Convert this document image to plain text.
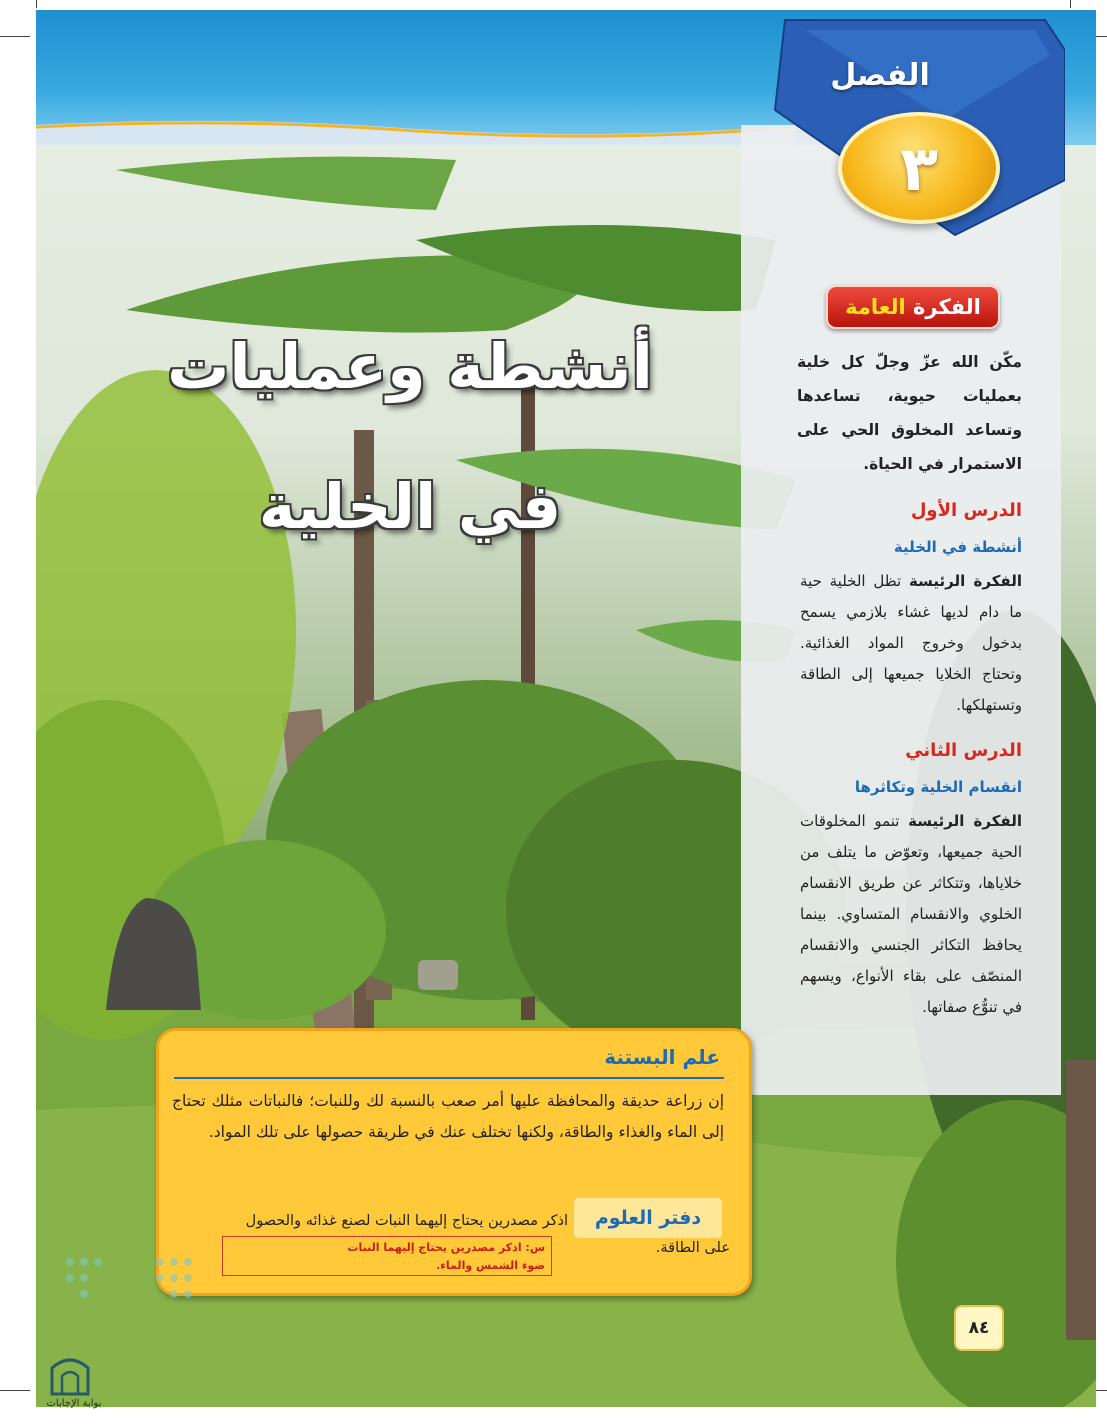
الفصل
٣
أنشطة وعمليات
في الخلية
الفكرة

العامة
مكّن الله عزّ وجلّ كل خلية بعمليات حيوية، تساعدها وتساعد المخلوق الحي على الاستمرار في الحياة.
الدرس الأول
أنشطة في الخلية
الفكرة الرئيسة تظل الخلية حية ما دام لديها غشاء بلازمي يسمح بدخول وخروج المواد الغذائية. وتحتاج الخلايا جميعها إلى الطاقة وتستهلكها.
الدرس الثاني
انقسام الخلية وتكاثرها
الفكرة الرئيسة تنمو المخلوقات الحية جميعها، وتعوّض ما يتلف من خلاياها، وتتكاثر عن طريق الانقسام الخلوي والانقسام المتساوي. بينما يحافظ التكاثر الجنسي والانقسام المنصّف على بقاء الأنواع، ويسهم في تنوُّع صفاتها.
علم البستنة
إن زراعة حديقة والمحافظة عليها أمر صعب بالنسبة لك وللنبات؛ فالنباتات مثلك تحتاج إلى الماء والغذاء والطاقة، ولكنها تختلف عنك في طريقة حصولها على تلك المواد.
دفتر العلوم
اذكر مصدرين يحتاج إليهما النبات لصنع غذائه والحصول
على الطاقة.
س: اذكر مصدرين يحتاج إليهما النبات
ضوء الشمس والماء.
٨٤
بوابة الإجابات
